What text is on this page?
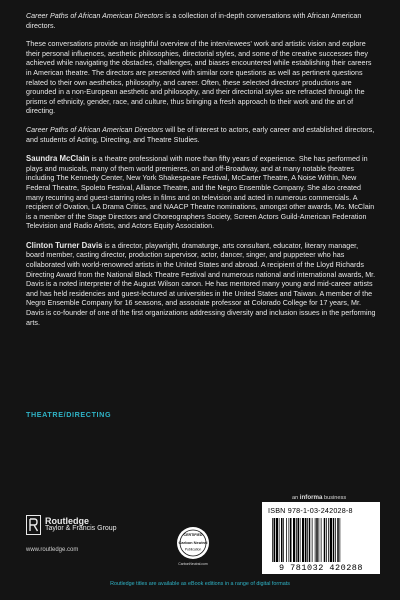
Career Paths of African American Directors is a collection of in-depth conversations with African American directors.

These conversations provide an insightful overview of the interviewees' work and artistic vision and explore their personal influences, aesthetic philosophies, directorial styles, and some of the creative successes they achieved while navigating the obstacles, challenges, and biases encountered while establishing their careers in American theatre. The directors are presented with similar core questions as well as pertinent questions related to their own aesthetics, philosophy, and career. Often, these selected directors' productions are grounded in a non-European aesthetic and philosophy, and their directorial styles are refracted through the prisms of ethnicity, gender, race, and culture, thus bringing a fresh approach to their work and the art of directing.

Career Paths of African American Directors will be of interest to actors, early career and established directors, and students of Acting, Directing, and Theatre Studies.

Saundra McClain is a theatre professional with more than fifty years of experience. She has performed in plays and musicals, many of them world premieres, on and off-Broadway, and at many notable theatres including The Kennedy Center, New York Shakespeare Festival, McCarter Theatre, A Noise Within, New Federal Theatre, Spoleto Festival, Alliance Theatre, and the Negro Ensemble Company. She also created many recurring and guest-starring roles in films and on television and acted in numerous commercials. A recipient of Ovation, LA Drama Critics, and NAACP Theatre nominations, amongst other awards, Ms. McClain is a member of the Stage Directors and Choreographers Society, Screen Actors Guild-American Federation Television and Radio Artists, and Actors Equity Association.

Clinton Turner Davis is a director, playwright, dramaturge, arts consultant, educator, literary manager, board member, casting director, production supervisor, actor, dancer, singer, and puppeteer who has collaborated with world-renowned artists in the United States and abroad. A recipient of the Lloyd Richards Directing Award from the National Black Theatre Festival and numerous national and international awards, Mr. Davis is a noted interpreter of the August Wilson canon. He has mentored many young and mid-career artists and has held residencies and guest-lectured at universities in the United States and Taiwan. A member of the Negro Ensemble Company for 16 seasons, and associate professor at Colorado College for 17 years, Mr. Davis is co-founder of one of the first organizations addressing diversity and inclusion issues in the performing arts.

THEATRE/DIRECTING
Routledge
Taylor & Francis Group
www.routledge.com
CERTIFIED
Carbon Neutral
Publication
CarbonNeutral.com
an informa business
ISBN 978-1-03-242028-8
9 781032 420288
Routledge titles are available as eBook editions in a range of digital formats
